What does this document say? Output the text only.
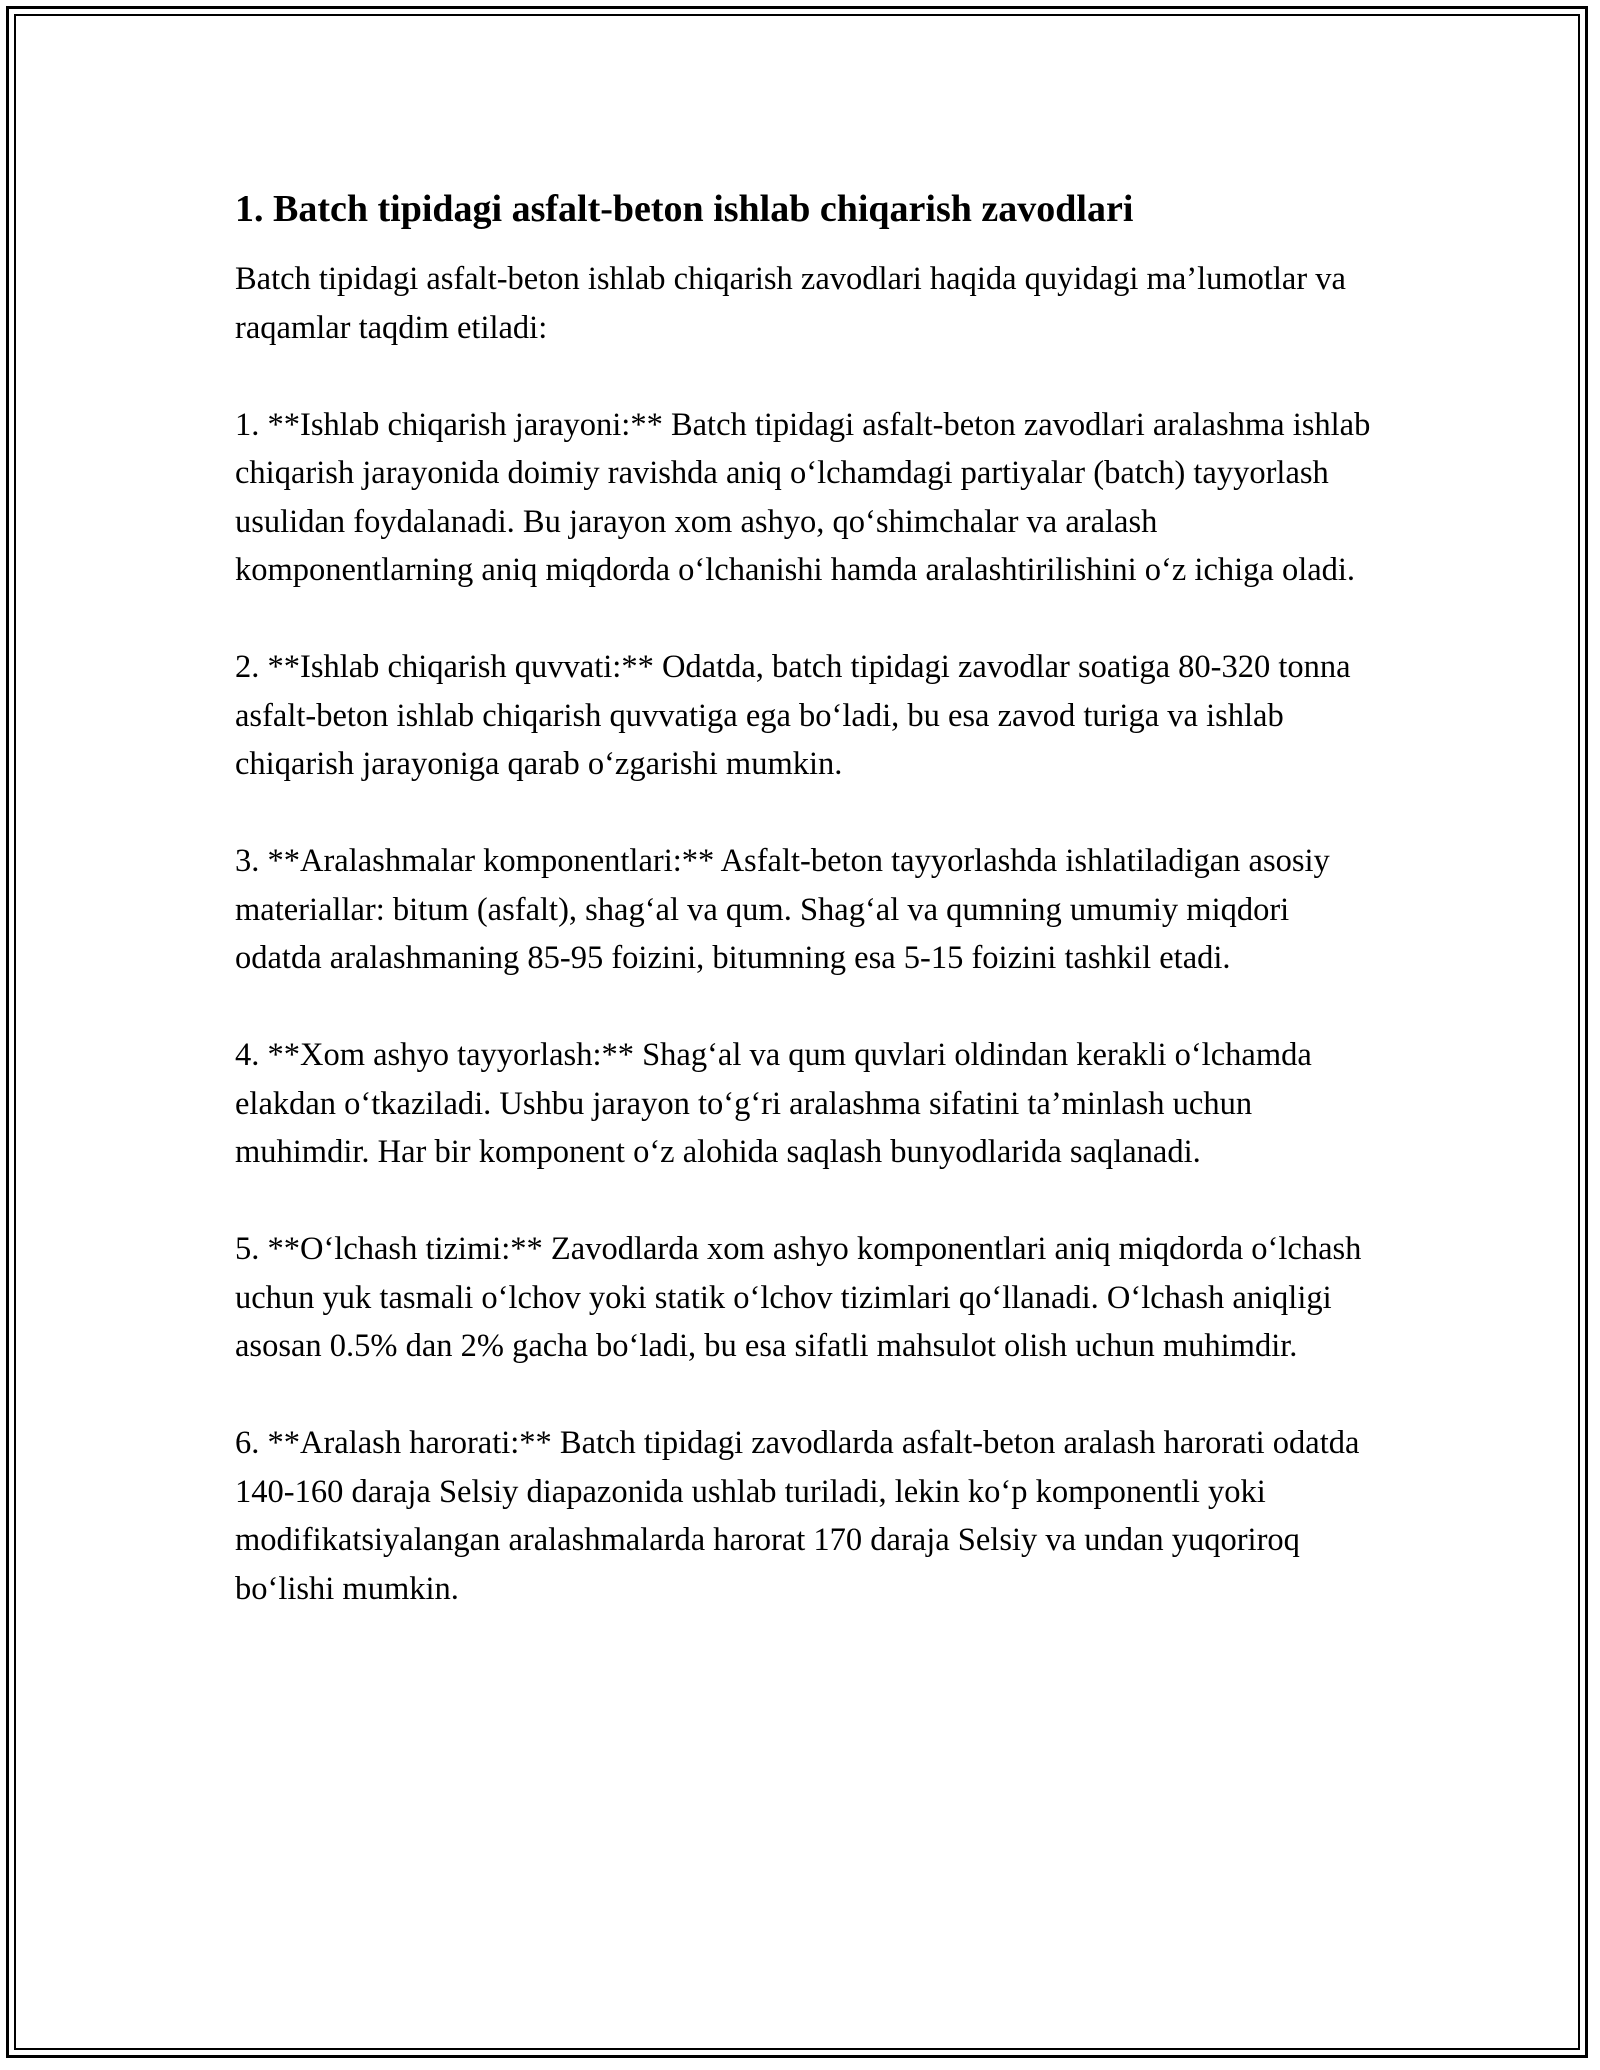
1. Batch tipidagi asfalt-beton ishlab chiqarish zavodlari

Batch tipidagi asfalt-beton ishlab chiqarish zavodlari haqida quyidagi ma’lumotlar va raqamlar taqdim etiladi:

1. **Ishlab chiqarish jarayoni:** Batch tipidagi asfalt-beton zavodlari aralashma ishlab chiqarish jarayonida doimiy ravishda aniq o‘lchamdagi partiyalar (batch) tayyorlash usulidan foydalanadi. Bu jarayon xom ashyo, qo‘shimchalar va aralash komponentlarning aniq miqdorda o‘lchanishi hamda aralashtirilishini o‘z ichiga oladi.

2. **Ishlab chiqarish quvvati:** Odatda, batch tipidagi zavodlar soatiga 80-320 tonna asfalt-beton ishlab chiqarish quvvatiga ega bo‘ladi, bu esa zavod turiga va ishlab chiqarish jarayoniga qarab o‘zgarishi mumkin.

3. **Aralashmalar komponentlari:** Asfalt-beton tayyorlashda ishlatiladigan asosiy materiallar: bitum (asfalt), shag‘al va qum. Shag‘al va qumning umumiy miqdori odatda aralashmaning 85-95 foizini, bitumning esa 5-15 foizini tashkil etadi.

4. **Xom ashyo tayyorlash:** Shag‘al va qum quvlari oldindan kerakli o‘lchamda elakdan o‘tkaziladi. Ushbu jarayon to‘g‘ri aralashma sifatini ta’minlash uchun muhimdir. Har bir komponent o‘z alohida saqlash bunyodlarida saqlanadi.

5. **O‘lchash tizimi:** Zavodlarda xom ashyo komponentlari aniq miqdorda o‘lchash uchun yuk tasmali o‘lchov yoki statik o‘lchov tizimlari qo‘llanadi. O‘lchash aniqligi asosan 0.5% dan 2% gacha bo‘ladi, bu esa sifatli mahsulot olish uchun muhimdir.

6. **Aralash harorati:** Batch tipidagi zavodlarda asfalt-beton aralash harorati odatda 140-160 daraja Selsiy diapazonida ushlab turiladi, lekin ko‘p komponentli yoki modifikatsiyalangan aralashmalarda harorat 170 daraja Selsiy va undan yuqoriroq bo‘lishi mumkin.
